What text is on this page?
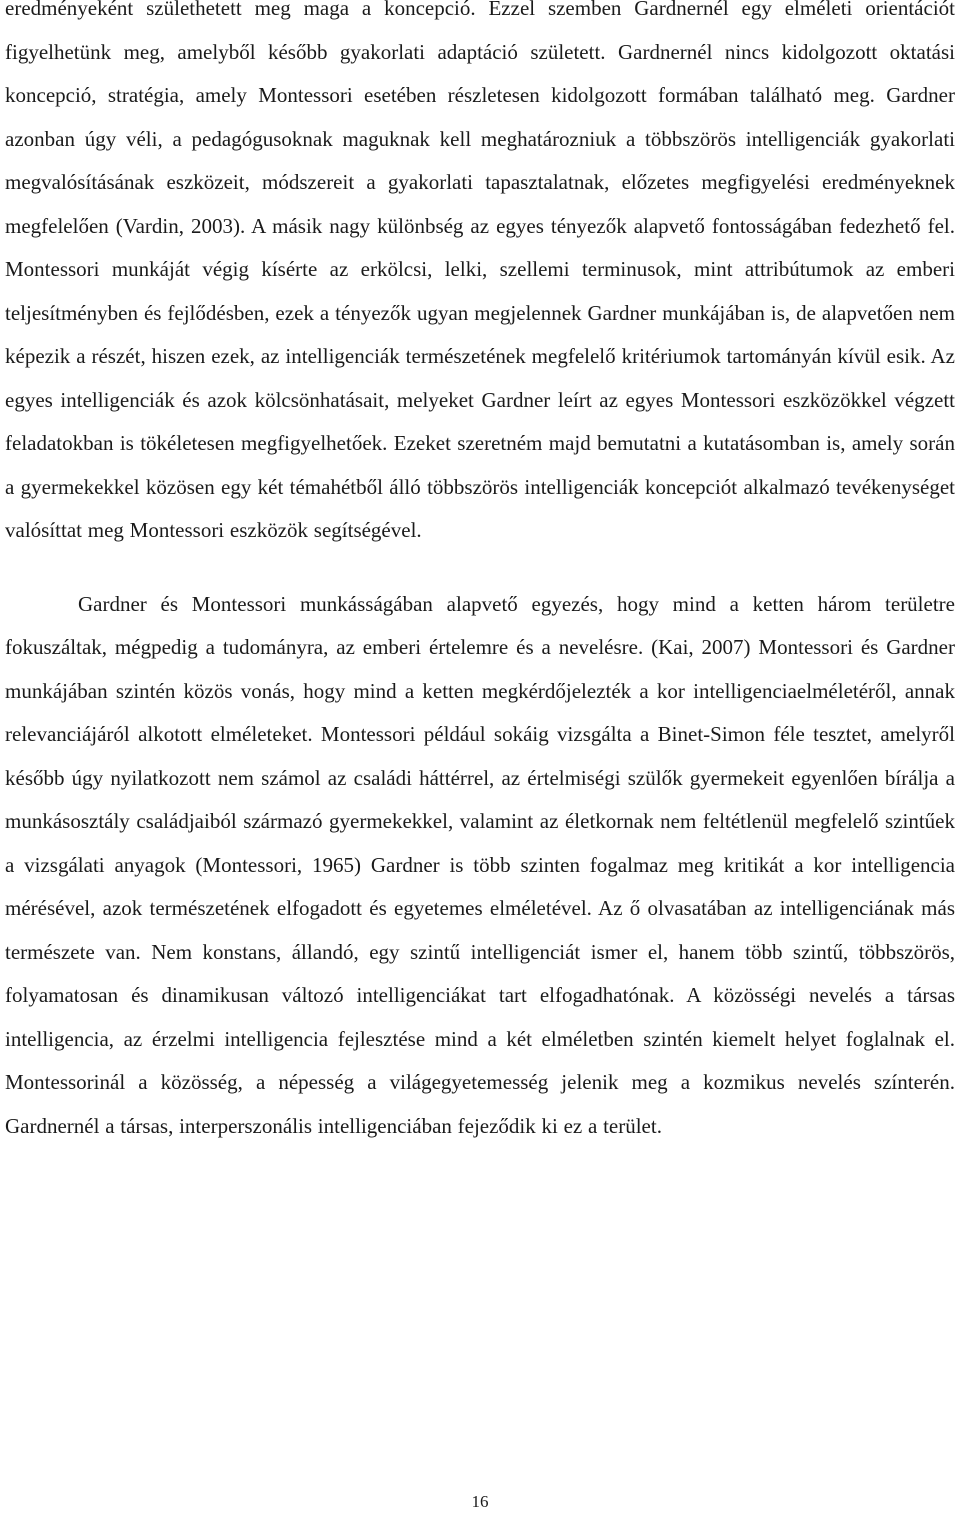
eredményeként születhetett meg maga a koncepció. Ezzel szemben Gardnernél egy elméleti orientációt figyelhetünk meg, amelyből később gyakorlati adaptáció született. Gardnernél nincs kidolgozott oktatási koncepció, stratégia, amely Montessori esetében részletesen kidolgozott formában található meg. Gardner azonban úgy véli, a pedagógusoknak maguknak kell meghatározniuk a többszörös intelligenciák gyakorlati megvalósításának eszközeit, módszereit a gyakorlati tapasztalatnak, előzetes megfigyelési eredményeknek megfelelően (Vardin, 2003). A másik nagy különbség az egyes tényezők alapvető fontosságában fedezhető fel. Montessori munkáját végig kísérte az erkölcsi, lelki, szellemi terminusok, mint attribútumok az emberi teljesítményben és fejlődésben, ezek a tényezők ugyan megjelennek Gardner munkájában is, de alapvetően nem képezik a részét, hiszen ezek, az intelligenciák természetének megfelelő kritériumok tartományán kívül esik. Az egyes intelligenciák és azok kölcsönhatásait, melyeket Gardner leírt az egyes Montessori eszközökkel végzett feladatokban is tökéletesen megfigyelhetőek. Ezeket szeretném majd bemutatni a kutatásomban is, amely során a gyermekekkel közösen egy két témahétből álló többszörös intelligenciák koncepciót alkalmazó tevékenységet valósíttat meg Montessori eszközök segítségével.

Gardner és Montessori munkásságában alapvető egyezés, hogy mind a ketten három területre fokuszáltak, mégpedig a tudományra, az emberi értelemre és a nevelésre. (Kai, 2007) Montessori és Gardner munkájában szintén közös vonás, hogy mind a ketten megkérdőjelezték a kor intelligenciaelméletéről, annak relevanciájáról alkotott elméleteket. Montessori például sokáig vizsgálta a Binet-Simon féle tesztet, amelyről később úgy nyilatkozott nem számol az családi háttérrel, az értelmiségi szülők gyermekeit egyenlően bírálja a munkásosztály családjaiból származó gyermekekkel, valamint az életkornak nem feltétlenül megfelelő szintűek a vizsgálati anyagok (Montessori, 1965) Gardner is több szinten fogalmaz meg kritikát a kor intelligencia mérésével, azok természetének elfogadott és egyetemes elméletével. Az ő olvasatában az intelligenciának más természete van. Nem konstans, állandó, egy szintű intelligenciát ismer el, hanem több szintű, többszörös, folyamatosan és dinamikusan változó intelligenciákat tart elfogadhatónak. A közösségi nevelés a társas intelligencia, az érzelmi intelligencia fejlesztése mind a két elméletben szintén kiemelt helyet foglalnak el. Montessorinál a közösség, a népesség a világegyetemesség jelenik meg a kozmikus nevelés színterén. Gardnernél a társas, interperszonális intelligenciában fejeződik ki ez a terület.

16
